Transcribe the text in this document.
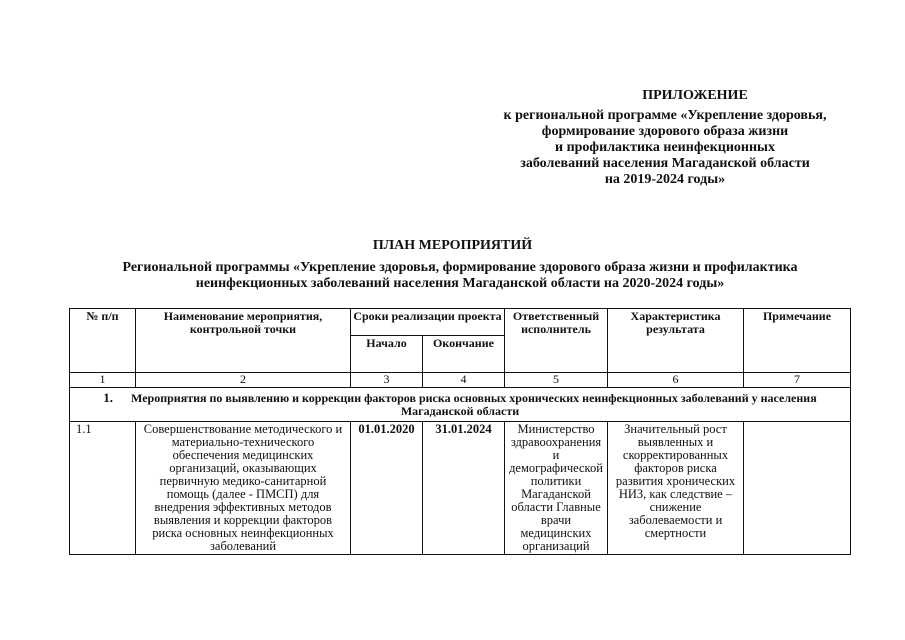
ПРИЛОЖЕНИЕ
к региональной программе «Укрепление здоровья,
формирование здорового образа жизни
и профилактика неинфекционных
заболеваний населения Магаданской области
на 2019-2024 годы»
ПЛАН МЕРОПРИЯТИЙ
Региональной программы «Укрепление здоровья, формирование здорового образа жизни и профилактика
неинфекционных заболеваний населения Магаданской области на 2020-2024 годы»
№ п/п	Наименование мероприятия, контрольной точки	Сроки реализации проекта		Ответственный исполнитель	Характеристика результата	Примечание
		Начало	Окончание			
1	2	3	4	5	6	7
1. Мероприятия по выявлению и коррекции факторов риска основных хронических неинфекционных заболеваний у населения Магаданской области						
1.1	Совершенствование методического и материально-технического обеспечения медицинских организаций, оказывающих первичную медико-санитарной помощь (далее - ПМСП) для внедрения эффективных методов выявления и коррекции факторов риска основных неинфекционных заболеваний	01.01.2020	31.01.2024	Министерство здравоохранения и демографической политики Магаданской области Главные врачи медицинских организаций	Значительный рост выявленных и скорректированных факторов риска развития хронических НИЗ, как следствие – снижение заболеваемости и смертности	
